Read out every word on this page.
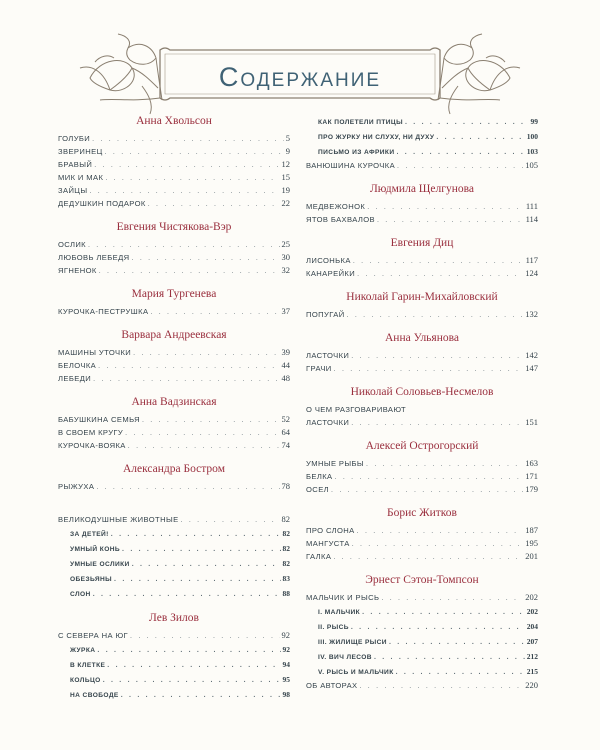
Содержание
Анна Хвольсон
ГОЛУБИ . . .	5
ЗВЕРИНЕЦ . . .	9
БРАВЫЙ . . .	12
МИК И МАК . . .	15
ЗАЙЦЫ . . .	19
ДЕДУШКИН ПОДАРОК . . .	22
Евгения Чистякова-Вэр
ОСЛИК . . .	25
ЛЮБОВЬ ЛЕБЕДЯ . . .	30
ЯГНЕНОК . . .	32
Мария Тургенева
КУРОЧКА-ПЕСТРУШКА . . .	37
Варвара Андреевская
МАШИНЫ УТОЧКИ . . .	39
БЕЛОЧКА . . .	44
ЛЕБЕДИ . . .	48
Анна Вадзинская
БАБУШКИНА СЕМЬЯ . . .	52
В СВОЕМ КРУГУ . . .	64
КУРОЧКА-ВОЯКА . . .	74
Александра Бостром
РЫЖУХА . . .	78
ВЕЛИКОДУШНЫЕ ЖИВОТНЫЕ . . .	82
ЗА ДЕТЕЙ! . . .	82
УМНЫЙ КОНЬ . . .	82
УМНЫЕ ОСЛИКИ . . .	82
ОБЕЗЬЯНЫ . . .	83
СЛОН . . .	88
Лев Зилов
С СЕВЕРА НА ЮГ . . .	92
ЖУРКА . . .	92
В КЛЕТКЕ . . .	94
КОЛЬЦО . . .	95
НА СВОБОДЕ . . .	98
КАК ПОЛЕТЕЛИ ПТИЦЫ . . .	99
ПРО ЖУРКУ НИ СЛУХУ, НИ ДУХУ . . .	100
ПИСЬМО ИЗ АФРИКИ . . .	103
ВАНЮШИНА КУРОЧКА . . .	105
Людмила Щелгунова
МЕДВЕЖОНОК . . .	111
ЯТОВ БАХВАЛОВ . . .	114
Евгения Диц
ЛИСОНЬКА . . .	117
КАНАРЕЙКИ . . .	124
Николай Гарин-Михайловский
ПОПУГАЙ . . .	132
Анна Ульянова
ЛАСТОЧКИ . . .	142
ГРАЧИ . . .	147
Николай Соловьев-Несмелов
О ЧЕМ РАЗГОВАРИВАЮТ
ЛАСТОЧКИ . . .	151
Алексей Острогорский
УМНЫЕ РЫБЫ . . .	163
БЕЛКА . . .	171
ОСЕЛ . . .	179
Борис Житков
ПРО СЛОНА . . .	187
МАНГУСТА . . .	195
ГАЛКА . . .	201
Эрнест Сэтон-Томпсон
МАЛЬЧИК И РЫСЬ . . .	202
I. МАЛЬЧИК . . .	202
II. РЫСЬ . . .	204
III. ЖИЛИЩЕ РЫСИ . . .	207
IV. ВИЧ ЛЕСОВ . . .	212
V. РЫСЬ И МАЛЬЧИК . . .	215
ОБ АВТОРАХ . . .	220
